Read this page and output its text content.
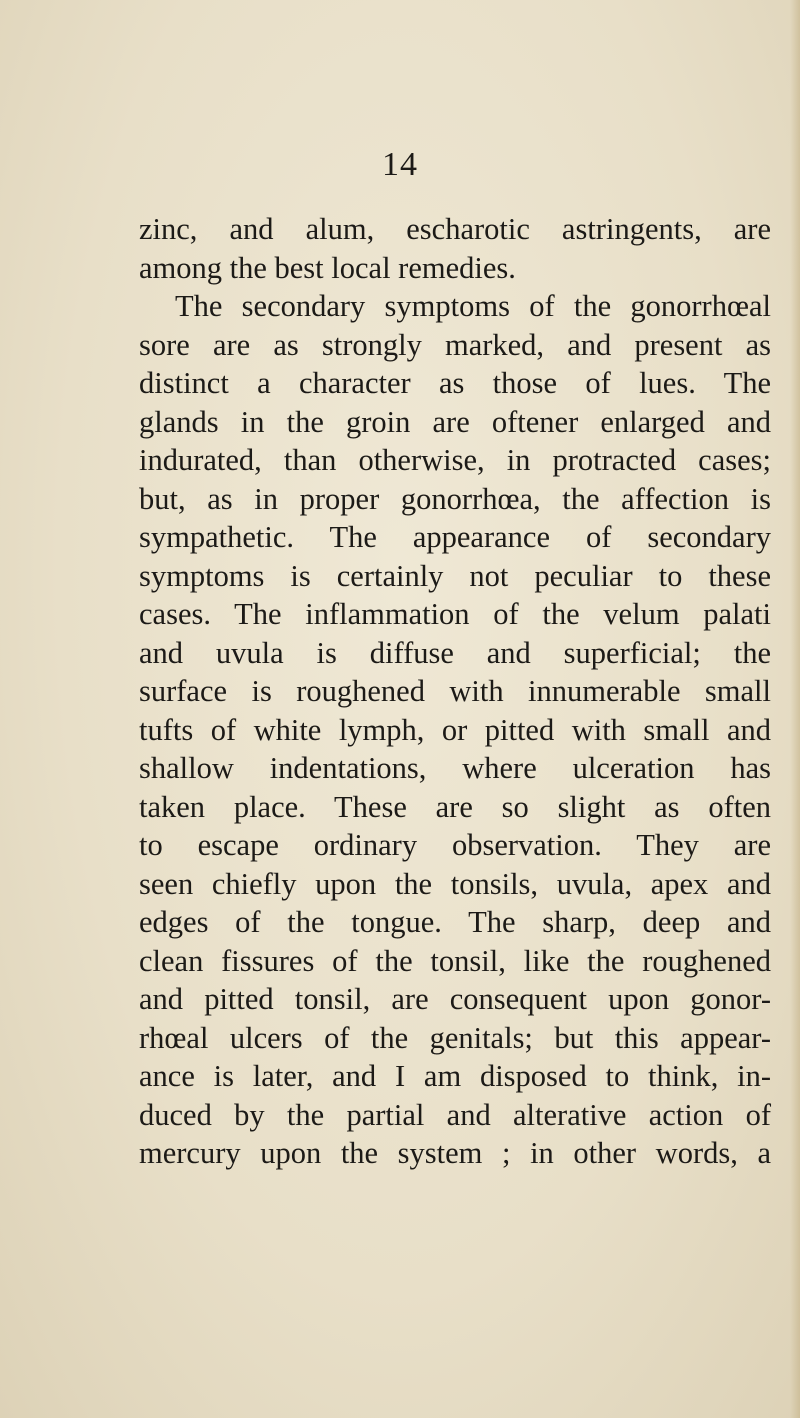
14
zinc, and alum, escharotic astringents, are
among the best local remedies.
The secondary symptoms of the gonorrhœal
sore are as strongly marked, and present as
distinct a character as those of lues. The
glands in the groin are oftener enlarged and
indurated, than otherwise, in protracted cases;
but, as in proper gonorrhœa, the affection is
sympathetic. The appearance of secondary
symptoms is certainly not peculiar to these
cases. The inflammation of the velum palati
and uvula is diffuse and superficial; the
surface is roughened with innumerable small
tufts of white lymph, or pitted with small and
shallow indentations, where ulceration has
taken place. These are so slight as often
to escape ordinary observation. They are
seen chiefly upon the tonsils, uvula, apex and
edges of the tongue. The sharp, deep and
clean fissures of the tonsil, like the roughened
and pitted tonsil, are consequent upon gonor-
rhœal ulcers of the genitals; but this appear-
ance is later, and I am disposed to think, in-
duced by the partial and alterative action of
mercury upon the system ; in other words, a
